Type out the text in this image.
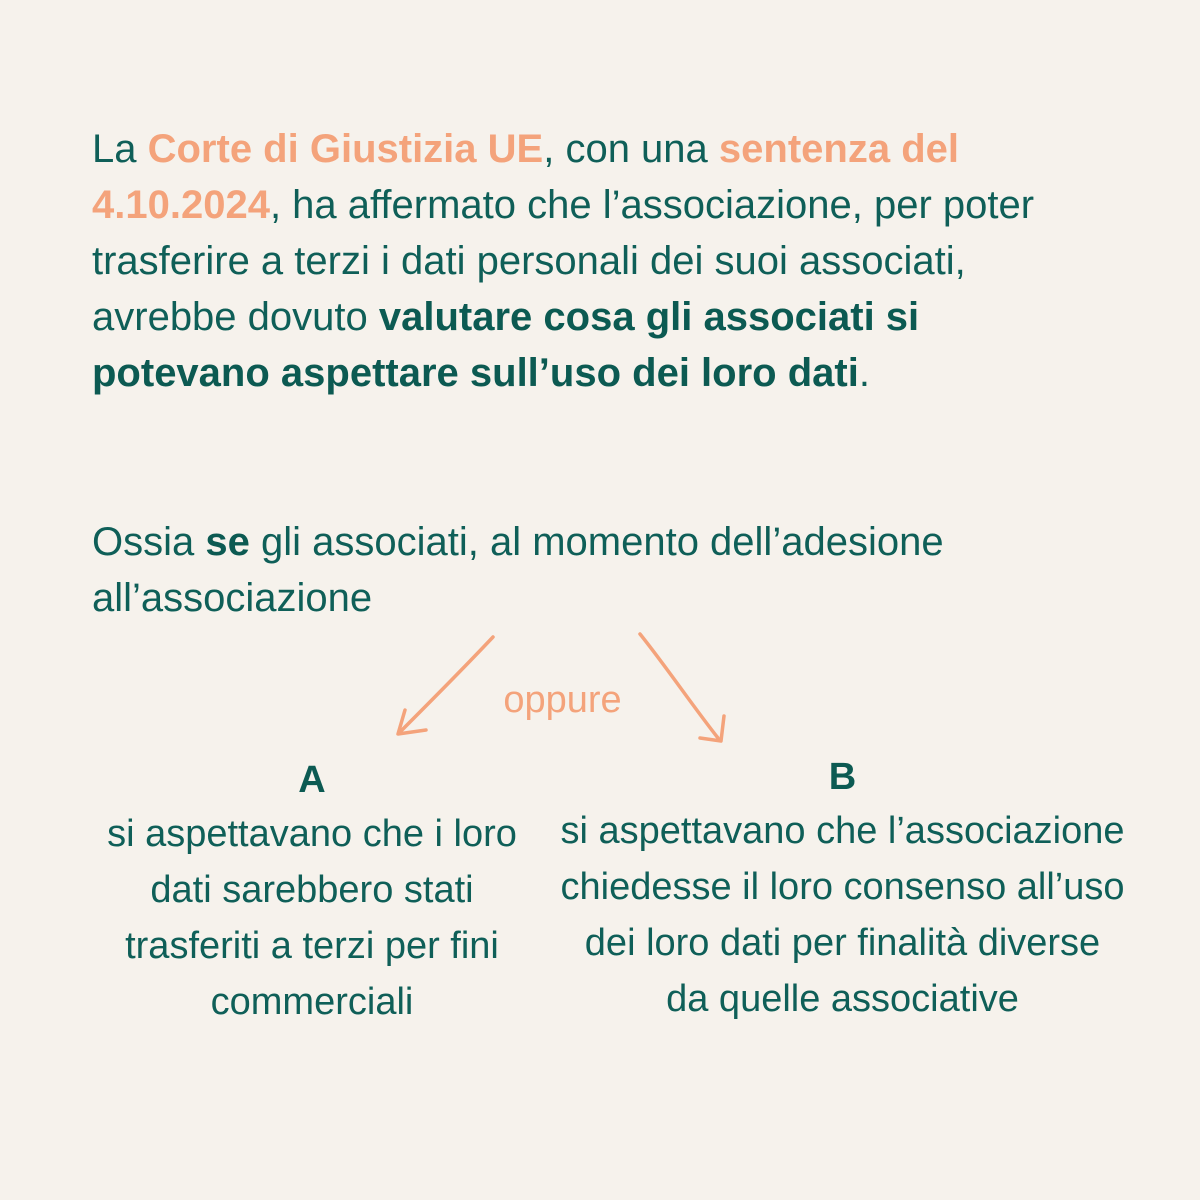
La Corte di Giustizia UE, con una sentenza del 4.10.2024, ha affermato che l’associazione, per poter trasferire a terzi i dati personali dei suoi associati, avrebbe dovuto valutare cosa gli associati si potevano aspettare sull’uso dei loro dati.

Ossia se gli associati, al momento dell’adesione all’associazione

oppure
A
si aspettavano che i loro dati sarebbero stati trasferiti a terzi per fini commerciali
B
si aspettavano che l’associazione chiedesse il loro consenso all’uso dei loro dati per finalità diverse da quelle associative
